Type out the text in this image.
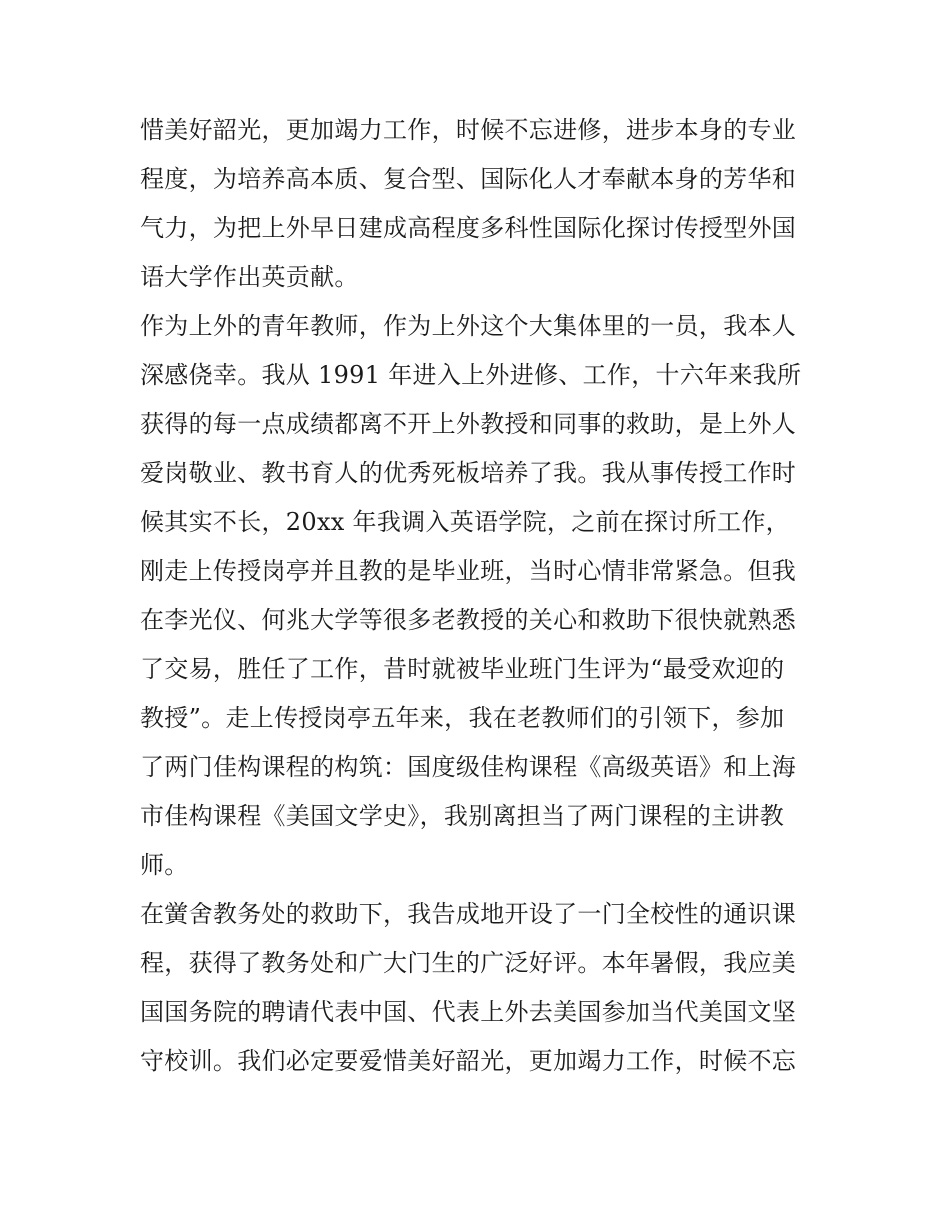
惜美好韶光，更加竭力工作，时候不忘进修，进步本身的专业
程度，为培养高本质、复合型、国际化人才奉献本身的芳华和
气力，为把上外早日建成高程度多科性国际化探讨传授型外国
语大学作出英贡献。
作为上外的青年教师，作为上外这个大集体里的一员，我本人
深感侥幸。我从 1991 年进入上外进修、工作，十六年来我所
获得的每一点成绩都离不开上外教授和同事的救助，是上外人
爱岗敬业、教书育人的优秀死板培养了我。我从事传授工作时
候其实不长，20xx 年我调入英语学院，之前在探讨所工作，
刚走上传授岗亭并且教的是毕业班，当时心情非常紧急。但我
在李光仪、何兆大学等很多老教授的关心和救助下很快就熟悉
了交易，胜任了工作，昔时就被毕业班门生评为“最受欢迎的
教授”。走上传授岗亭五年来，我在老教师们的引领下，参加
了两门佳构课程的构筑：国度级佳构课程《高级英语》和上海
市佳构课程《美国文学史》，我别离担当了两门课程的主讲教
师。
在黉舍教务处的救助下，我告成地开设了一门全校性的通识课
程，获得了教务处和广大门生的广泛好评。本年暑假，我应美
国国务院的聘请代表中国、代表上外去美国参加当代美国文坚
守校训。我们必定要爱惜美好韶光，更加竭力工作，时候不忘
